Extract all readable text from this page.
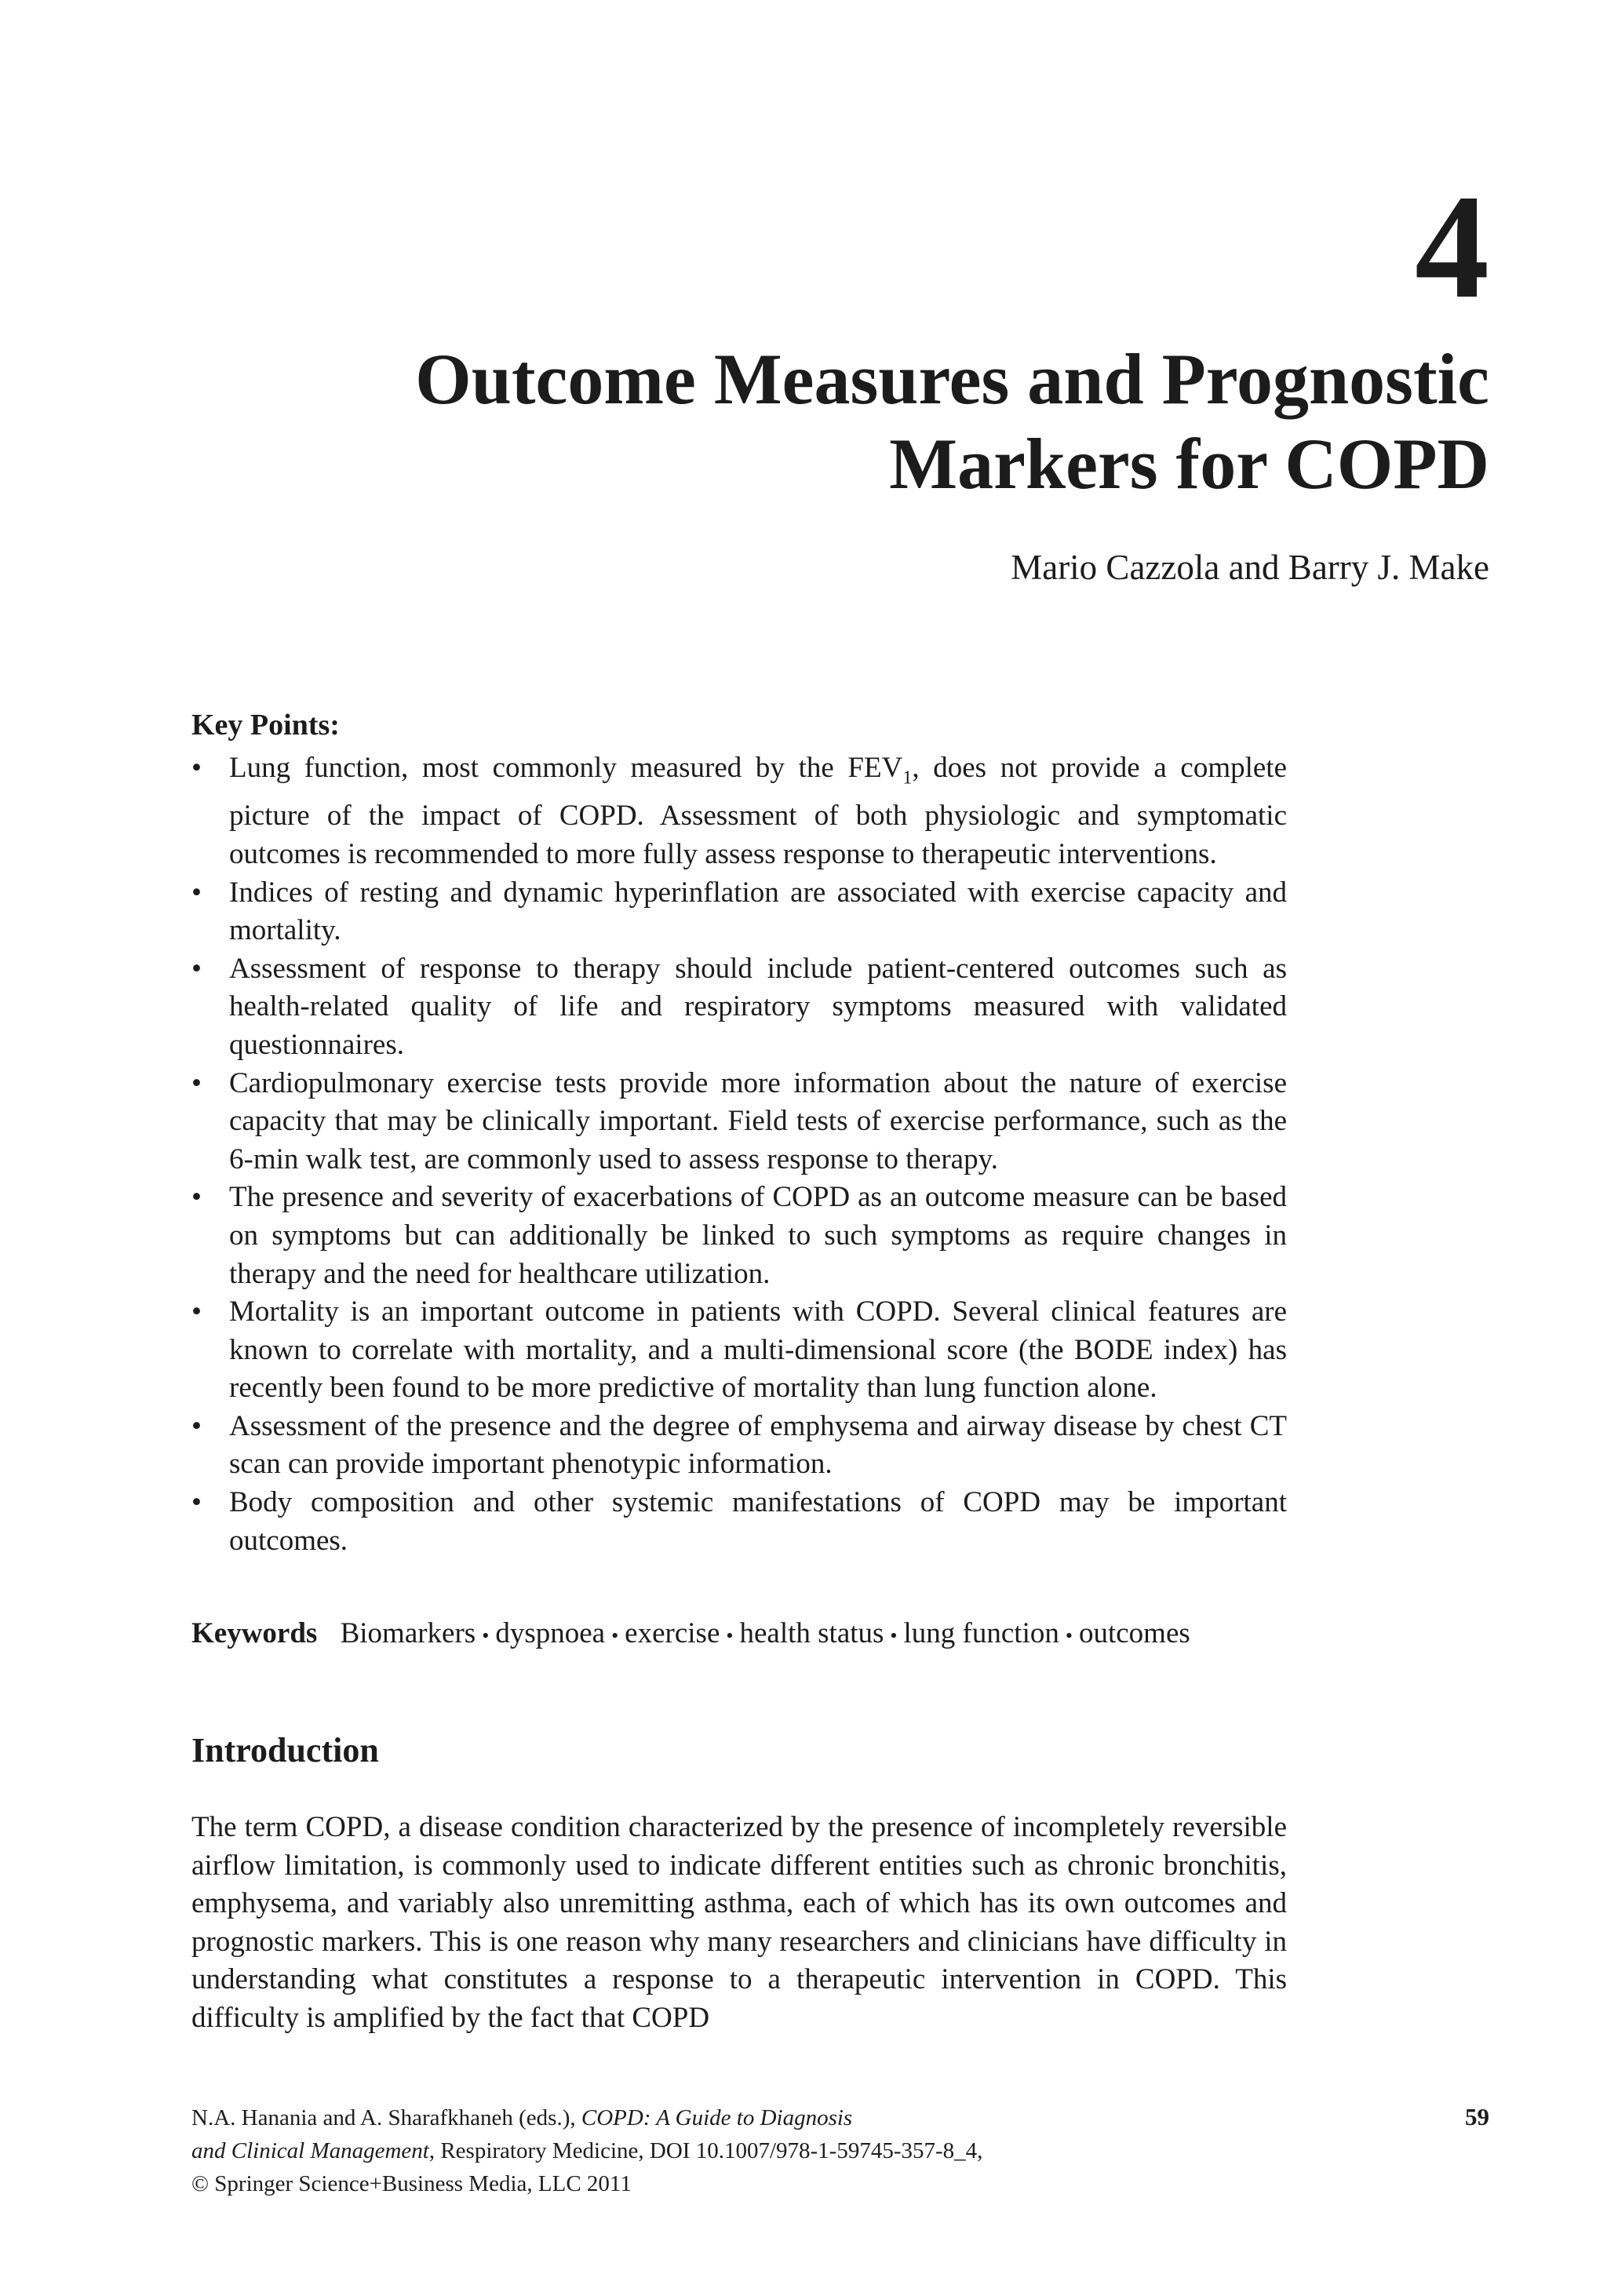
4
Outcome Measures and Prognostic
Markers for COPD
Mario Cazzola and Barry J. Make
Key Points:
• Lung function, most commonly measured by the $FEV_1$, does not provide a complete picture of the impact of COPD. Assessment of both physiologic and symptomatic outcomes is recommended to more fully assess response to therapeutic interventions.
• Indices of resting and dynamic hyperinflation are associated with exercise capacity and mortality.
• Assessment of response to therapy should include patient-centered outcomes such as health-related quality of life and respiratory symptoms measured with validated questionnaires.
• Cardiopulmonary exercise tests provide more information about the nature of exercise capacity that may be clinically important. Field tests of exercise performance, such as the 6-min walk test, are commonly used to assess response to therapy.
• The presence and severity of exacerbations of COPD as an outcome measure can be based on symptoms but can additionally be linked to such symptoms as require changes in therapy and the need for healthcare utilization.
• Mortality is an important outcome in patients with COPD. Several clinical features are known to correlate with mortality, and a multi-dimensional score (the BODE index) has recently been found to be more predictive of mortality than lung function alone.
• Assessment of the presence and the degree of emphysema and airway disease by chest CT scan can provide important phenotypic information.
• Body composition and other systemic manifestations of COPD may be important outcomes.
Keywords Biomarkers • dyspnoea • exercise • health status • lung function • outcomes
Introduction

The term COPD, a disease condition characterized by the presence of incompletely reversible airflow limitation, is commonly used to indicate different entities such as chronic bronchitis, emphysema, and variably also unremitting asthma, each of which has its own outcomes and prognostic markers. This is one reason why many researchers and clinicians have difficulty in understanding what constitutes a response to a therapeutic intervention in COPD. This difficulty is amplified by the fact that COPD

N.A. Hanania and A. Sharafkhaneh (eds.), COPD: A Guide to Diagnosis
and Clinical Management, Respiratory Medicine, DOI 10.1007/978-1-59745-357-8_4,
© Springer Science+Business Media, LLC 2011
59
